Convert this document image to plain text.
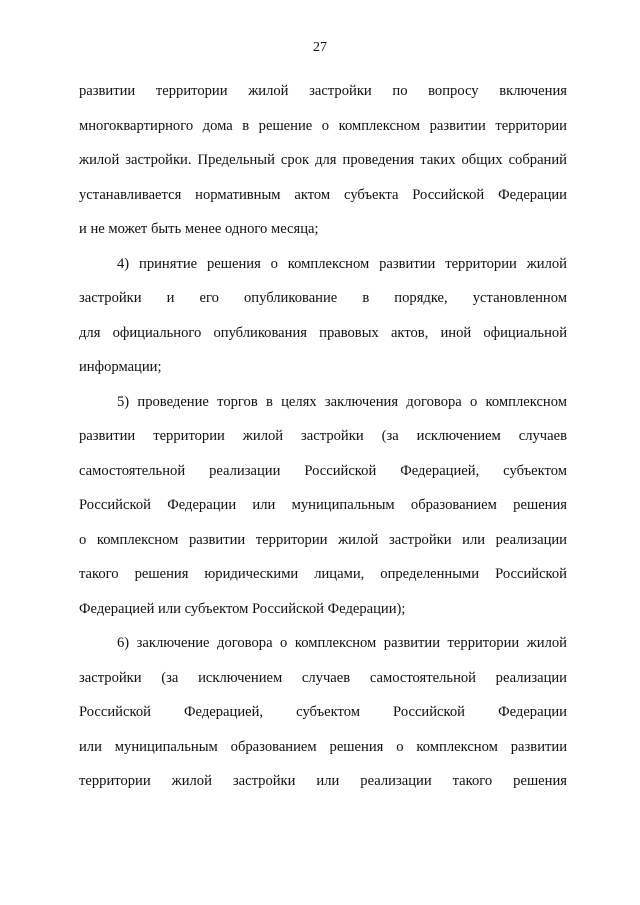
27
развитии территории жилой застройки по вопросу включения
многоквартирного дома в решение о комплексном развитии территории
жилой застройки. Предельный срок для проведения таких общих собраний
устанавливается нормативным актом субъекта Российской Федерации
и не может быть менее одного месяца;
4) принятие решения о комплексном развитии территории жилой
застройки и его опубликование в порядке, установленном
для официального опубликования правовых актов, иной официальной
информации;
5) проведение торгов в целях заключения договора о комплексном
развитии территории жилой застройки (за исключением случаев
самостоятельной реализации Российской Федерацией, субъектом
Российской Федерации или муниципальным образованием решения
о комплексном развитии территории жилой застройки или реализации
такого решения юридическими лицами, определенными Российской
Федерацией или субъектом Российской Федерации);
6) заключение договора о комплексном развитии территории жилой
застройки (за исключением случаев самостоятельной реализации
Российской Федерацией, субъектом Российской Федерации
или муниципальным образованием решения о комплексном развитии
территории жилой застройки или реализации такого решения
